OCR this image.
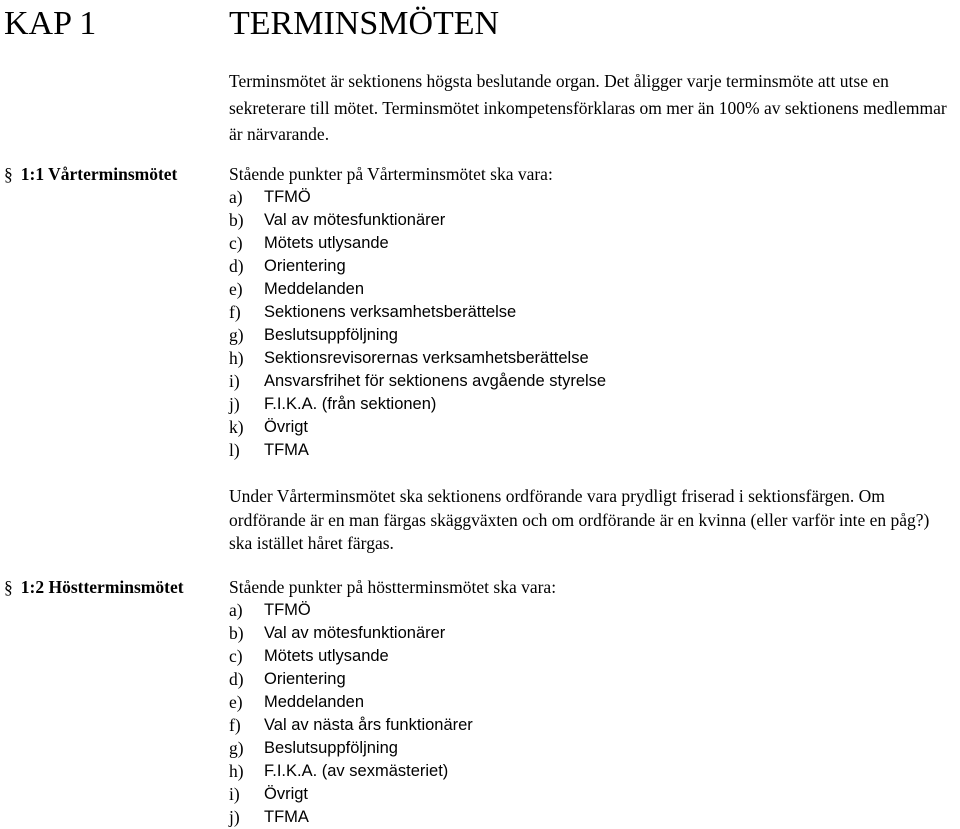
KAP 1	TERMINSMÖTEN

Terminsmötet är sektionens högsta beslutande organ. Det åligger varje terminsmöte att utse en sekreterare till mötet. Terminsmötet inkompetensförklaras om mer än 100% av sektionens medlemmar är närvarande.

§ 1:1 Vårterminsmötet	Stående punkter på Vårterminsmötet ska vara:

a)	TFMÖ
b)	Val av mötesfunktionärer
c)	Mötets utlysande
d)	Orientering
e)	Meddelanden
f)	Sektionens verksamhetsberättelse
g)	Beslutsuppföljning
h)	Sektionsrevisorernas verksamhetsberättelse
i)	Ansvarsfrihet för sektionens avgående styrelse
j)	F.I.K.A. (från sektionen)
k)	Övrigt
l)	TFMA

Under Vårterminsmötet ska sektionens ordförande vara prydligt friserad i sektionsfärgen. Om ordförande är en man färgas skäggväxten och om ordförande är en kvinna (eller varför inte en påg?) ska istället håret färgas.

§ 1:2 Höstterminsmötet	Stående punkter på höstterminsmötet ska vara:

a)	TFMÖ
b)	Val av mötesfunktionärer
c)	Mötets utlysande
d)	Orientering
e)	Meddelanden
f)	Val av nästa års funktionärer
g)	Beslutsuppföljning
h)	F.I.K.A. (av sexmästeriet)
i)	Övrigt
j)	TFMA
